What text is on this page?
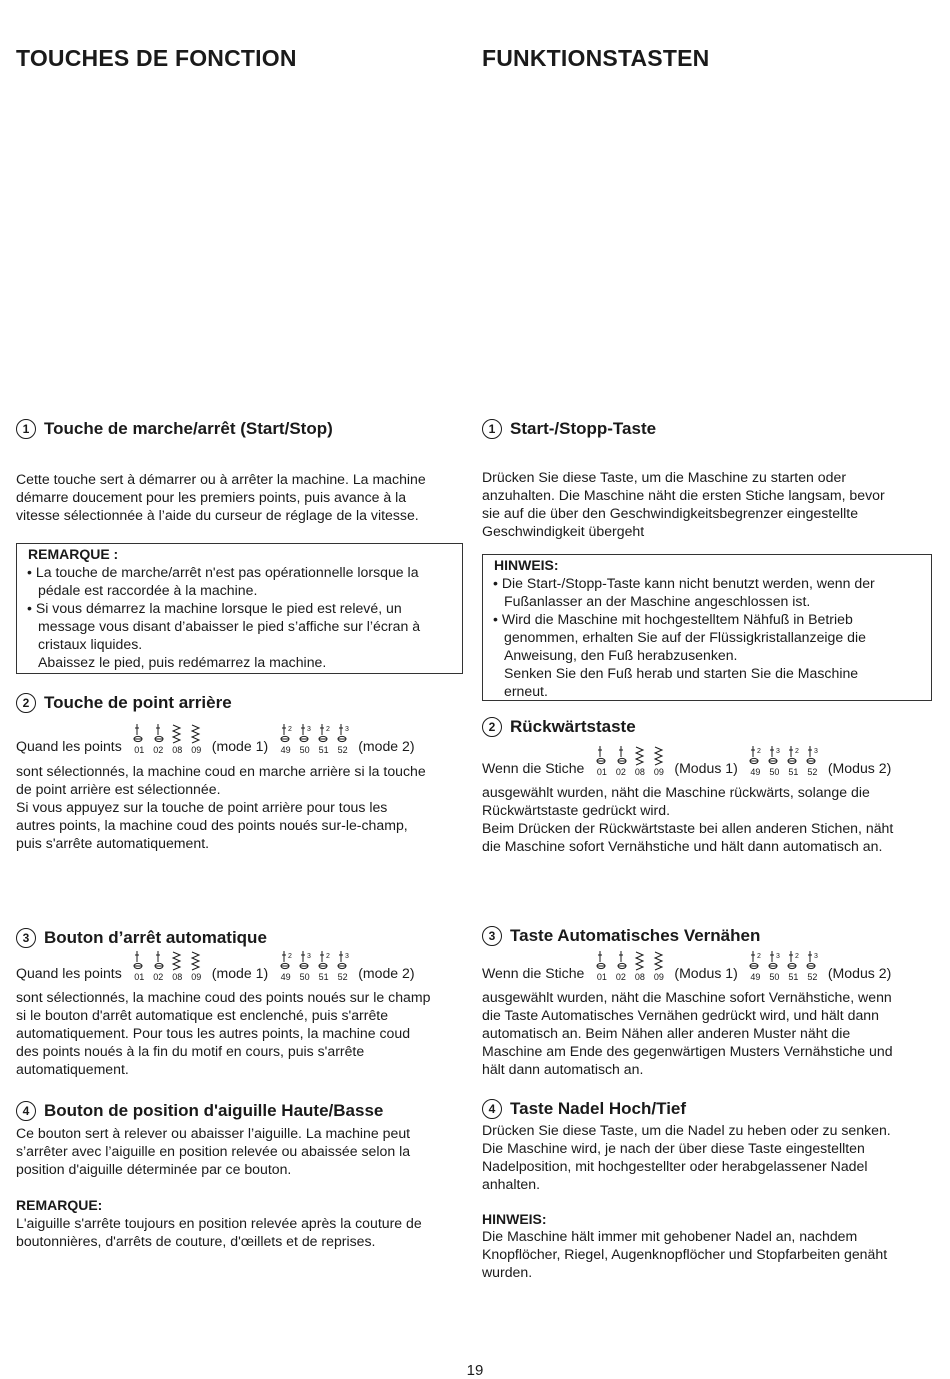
TOUCHES DE FONCTION	FUNKTIONSTASTEN
1 Touche de marche/arrêt (Start/Stop)
Cette touche sert à démarrer ou à arrêter la machine. La machine
démarre doucement pour les premiers points, puis avance à la
vitesse sélectionnée à l’aide du curseur de réglage de la vitesse.
REMARQUE :
• La touche de marche/arrêt n'est pas opérationnelle lorsque la
pédale est raccordée à la machine.
• Si vous démarrez la machine lorsque le pied est relevé, un
message vous disant d’abaisser le pied s’affiche sur l’écran à
cristaux liquides.
Abaissez le pied, puis redémarrez la machine.
2 Touche de point arrière
Quand les points 01 02 08 09 (mode 1)
2
49
3
50
2
51
3
52 (mode 2)
sont sélectionnés, la machine coud en marche arrière si la touche
de point arrière est sélectionnée.
Si vous appuyez sur la touche de point arrière pour tous les
autres points, la machine coud des points noués sur-le-champ,
puis s'arrête automatiquement.
3 Bouton d’arrêt automatique
Quand les points 01 02 08 09 (mode 1)
2
49
3
50
2
51
3
52 (mode 2)
sont sélectionnés, la machine coud des points noués sur le champ
si le bouton d'arrêt automatique est enclenché, puis s'arrête
automatiquement. Pour tous les autres points, la machine coud
des points noués à la fin du motif en cours, puis s'arrête
automatiquement.
4 Bouton de position d'aiguille Haute/Basse
Ce bouton sert à relever ou abaisser l’aiguille. La machine peut
s’arrêter avec l’aiguille en position relevée ou abaissée selon la
position d'aiguille déterminée par ce bouton.
REMARQUE:
L'aiguille s'arrête toujours en position relevée après la couture de
boutonnières, d'arrêts de couture, d'œillets et de reprises.
1 Start-/Stopp-Taste
Drücken Sie diese Taste, um die Maschine zu starten oder
anzuhalten. Die Maschine näht die ersten Stiche langsam, bevor
sie auf die über den Geschwindigkeitsbegrenzer eingestellte
Geschwindigkeit übergeht
HINWEIS:
• Die Start-/Stopp-Taste kann nicht benutzt werden, wenn der
Fußanlasser an der Maschine angeschlossen ist.
• Wird die Maschine mit hochgestelltem Nähfuß in Betrieb
genommen, erhalten Sie auf der Flüssigkristallanzeige die
Anweisung, den Fuß herabzusenken.
Senken Sie den Fuß herab und starten Sie die Maschine
erneut.
2 Rückwärtstaste
Wenn die Stiche 01 02 08 09 (Modus 1)
2
49
3
50
2
51
3
52 (Modus 2)
ausgewählt wurden, näht die Maschine rückwärts, solange die
Rückwärtstaste gedrückt wird.
Beim Drücken der Rückwärtstaste bei allen anderen Stichen, näht
die Maschine sofort Vernähstiche und hält dann automatisch an.
3 Taste Automatisches Vernähen
Wenn die Stiche 01 02 08 09 (Modus 1)
2
49
3
50
2
51
3
52 (Modus 2)
ausgewählt wurden, näht die Maschine sofort Vernähstiche, wenn
die Taste Automatisches Vernähen gedrückt wird, und hält dann
automatisch an. Beim Nähen aller anderen Muster näht die
Maschine am Ende des gegenwärtigen Musters Vernähstiche und
hält dann automatisch an.
4 Taste Nadel Hoch/Tief
Drücken Sie diese Taste, um die Nadel zu heben oder zu senken.
Die Maschine wird, je nach der über diese Taste eingestellten
Nadelposition, mit hochgestellter oder herabgelassener Nadel
anhalten.
HINWEIS:
Die Maschine hält immer mit gehobener Nadel an, nachdem
Knopflöcher, Riegel, Augenknopflöcher und Stopfarbeiten genäht
wurden.
19
